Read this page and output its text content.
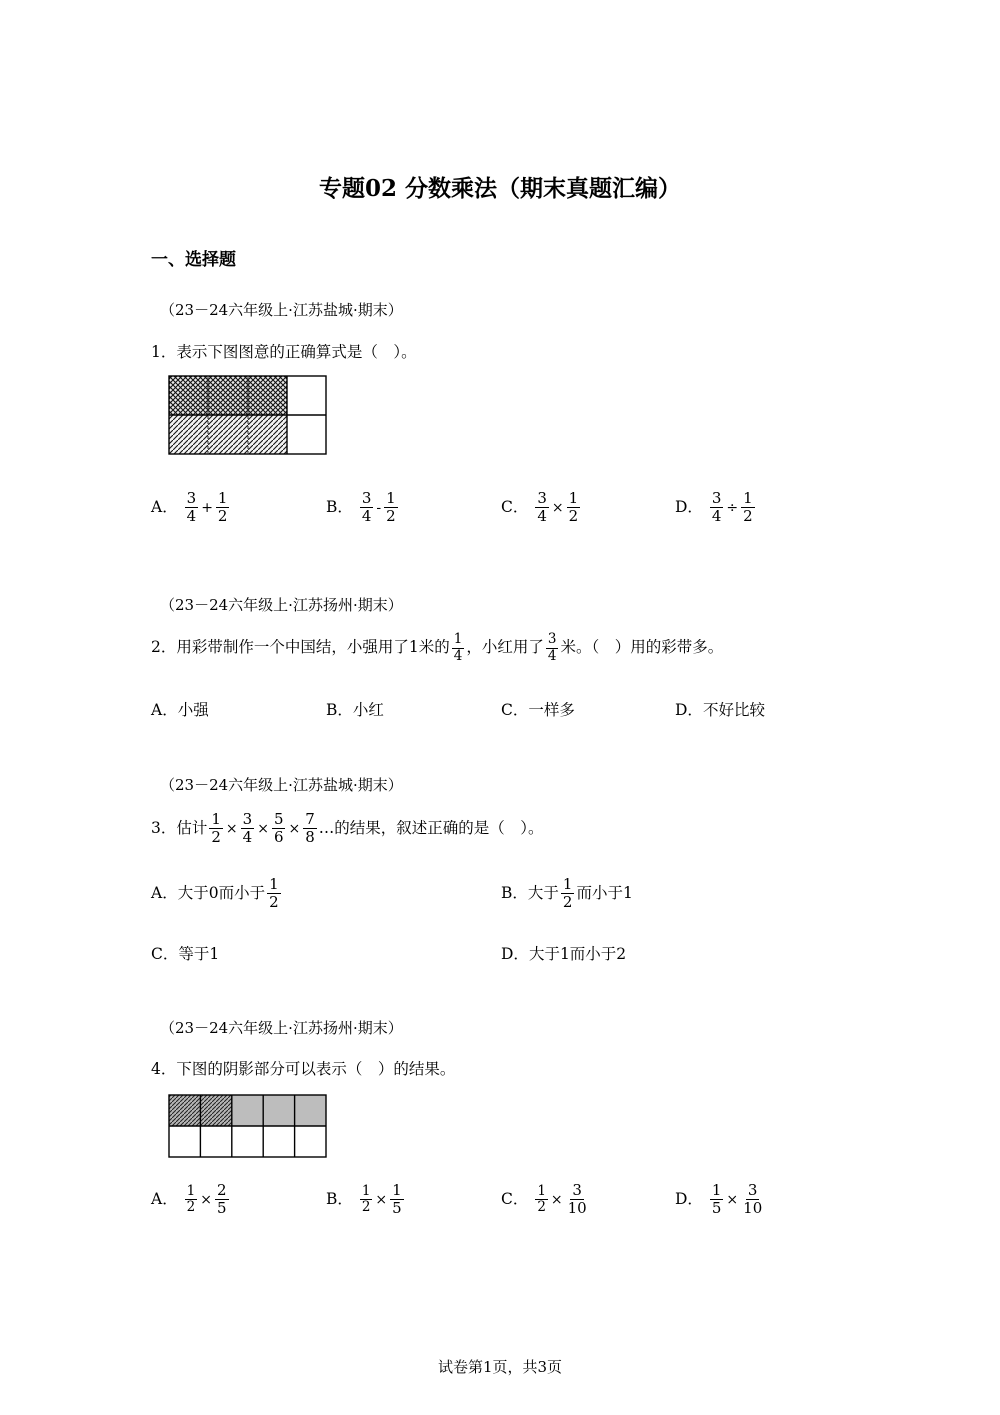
专题02 分数乘法（期末真题汇编）
一、选择题
（23－24六年级上·江苏盐城·期末）
1．表示下图图意的正确算式是（　）。
A． $\frac{3}{4} + \frac{1}{2}$	B． $\frac{3}{4} - \frac{1}{2}$	C． $\frac{3}{4} \times \frac{1}{2}$	D． $\frac{3}{4} \div \frac{1}{2}$
（23－24六年级上·江苏扬州·期末）
2．用彩带制作一个中国结，小强用了1米的 $\frac{1}{4}$ ，小红用了 $\frac{3}{4}$ 米。（　）用的彩带多。
A．小强	B．小红	C．一样多	D．不好比较
（23－24六年级上·江苏盐城·期末）
3．估计 $\frac{1}{2} \times \frac{3}{4} \times \frac{5}{6} \times \frac{7}{8}$ …的结果，叙述正确的是（　）。
A．大于0而小于 $\frac{1}{2}$	B．大于 $\frac{1}{2}$ 而小于1
C．等于1	D．大于1而小于2
（23－24六年级上·江苏扬州·期末）
4．下图的阴影部分可以表示（　）的结果。
A． $\frac{1}{2} \times \frac{2}{5}$	B． $\frac{1}{2} \times \frac{1}{5}$	C． $\frac{1}{2} \times \frac{3}{10}$	D． $\frac{1}{5} \times \frac{3}{10}$
试卷第1页，共3页
